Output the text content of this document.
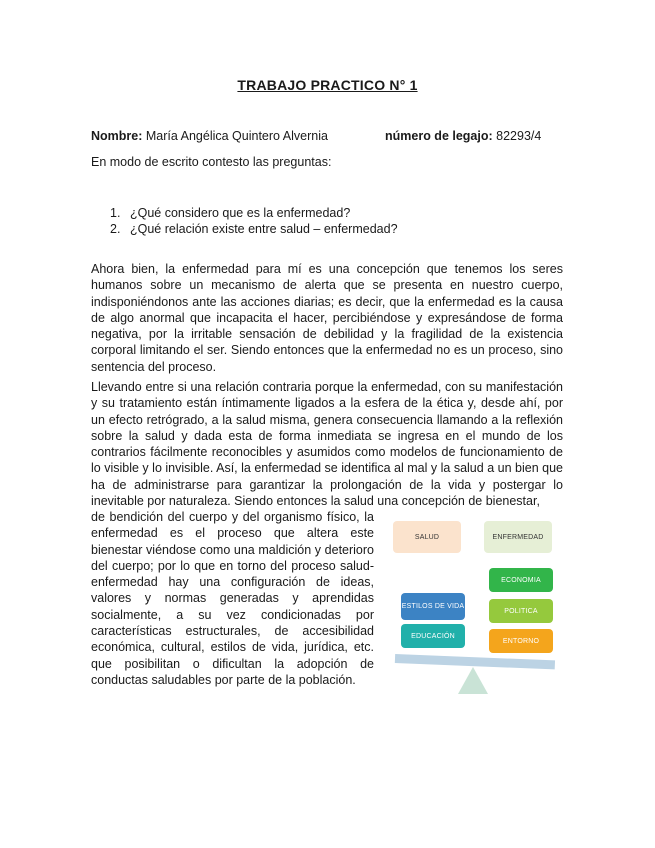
TRABAJO PRACTICO N° 1
Nombre: María Angélica Quintero Alvernia	número de legajo: 82293/4
En modo de escrito contesto las preguntas:
1. ¿Qué considero que es la enfermedad?
2. ¿Qué relación existe entre salud – enfermedad?

Ahora bien, la enfermedad para mí es una concepción que tenemos los seres humanos sobre un mecanismo de alerta que se presenta en nuestro cuerpo, indisponiéndonos ante las acciones diarias; es decir, que la enfermedad es la causa de algo anormal que incapacita el hacer, percibiéndose y expresándose de forma negativa, por la irritable sensación de debilidad y la fragilidad de la existencia corporal limitando el ser. Siendo entonces que la enfermedad no es un proceso, sino sentencia del proceso.

Llevando entre si una relación contraria porque la enfermedad, con su manifestación y su tratamiento están íntimamente ligados a la esfera de la ética y, desde ahí, por un efecto retrógrado, a la salud misma, genera consecuencia llamando a la reflexión sobre la salud y dada esta de forma inmediata se ingresa en el mundo de los contrarios fácilmente reconocibles y asumidos como modelos de funcionamiento de lo visible y lo invisible. Así, la enfermedad se identifica al mal y la salud a un bien que ha de administrarse para garantizar la prolongación de la vida y postergar lo inevitable por naturaleza. Siendo entonces la salud una concepción de bienestar,

de bendición del cuerpo y del organismo físico, la enfermedad es el proceso que altera este bienestar viéndose como una maldición y deterioro del cuerpo; por lo que en torno del proceso salud-enfermedad hay una configuración de ideas, valores y normas generadas y aprendidas socialmente, a su vez condicionadas por características estructurales, de accesibilidad económica, cultural, estilos de vida, jurídica, etc. que posibilitan o dificultan la adopción de conductas saludables por parte de la población.

SALUD	ENFERMEDAD
ECONOMIA
ESTILOS DE VIDA
POLITICA
EDUCACIÓN
ENTORNO
